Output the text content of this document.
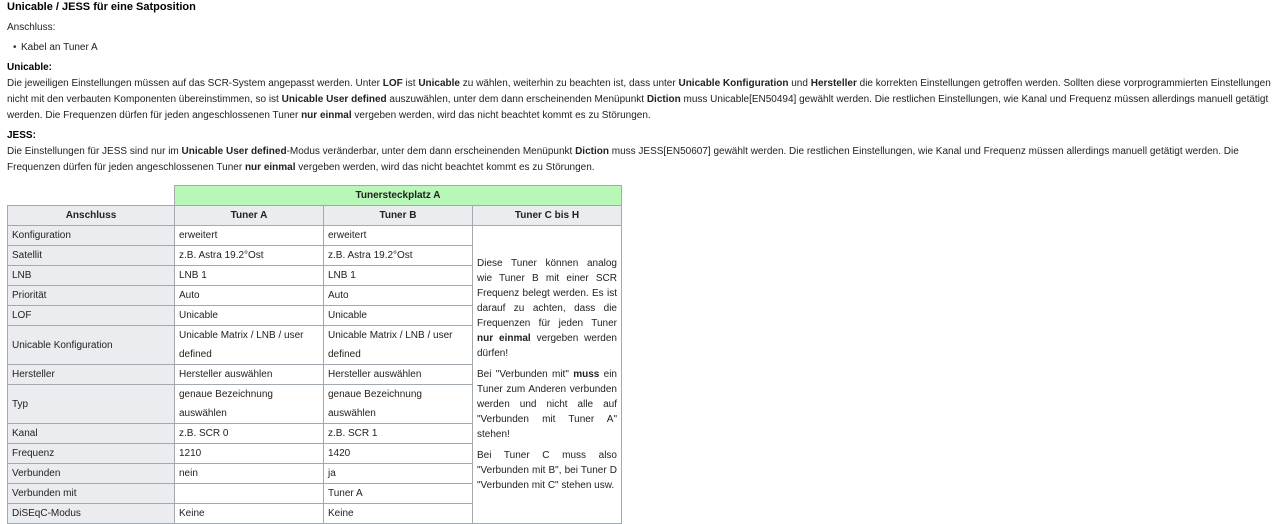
Unicable / JESS für eine Satposition
Anschluss:
• Kabel an Tuner A
Unicable:

Die jeweiligen Einstellungen müssen auf das SCR-System angepasst werden. Unter LOF ist Unicable zu wählen, weiterhin zu beachten ist, dass unter Unicable Konfiguration und Hersteller die korrekten Einstellungen getroffen werden. Sollten diese vorprogrammierten Einstellungen nicht mit den verbauten Komponenten übereinstimmen, so ist Unicable User defined auszuwählen, unter dem dann erscheinenden Menüpunkt Diction muss Unicable[EN50494] gewählt werden. Die restlichen Einstellungen, wie Kanal und Frequenz müssen allerdings manuell getätigt werden. Die Frequenzen dürfen für jeden angeschlossenen Tuner nur einmal vergeben werden, wird das nicht beachtet kommt es zu Störungen.

JESS:

Die Einstellungen für JESS sind nur im Unicable User defined-Modus veränderbar, unter dem dann erscheinenden Menüpunkt Diction muss JESS[EN50607] gewählt werden. Die restlichen Einstellungen, wie Kanal und Frequenz müssen allerdings manuell getätigt werden. Die Frequenzen dürfen für jeden angeschlossenen Tuner nur einmal vergeben werden, wird das nicht beachtet kommt es zu Störungen.

	Tunersteckplatz A		
Anschluss	Tuner A	Tuner B	Tuner C bis H
Konfiguration	erweitert	erweitert	Diese Tuner können analog wie Tuner B mit einer SCR Frequenz belegt werden. Es ist darauf zu achten, dass die Frequenzen für jeden Tuner nur einmal vergeben werden dürfen!

Bei "Verbunden mit" muss ein Tuner zum Anderen verbunden werden und nicht alle auf "Verbunden mit Tuner A" stehen!

Bei Tuner C muss also "Verbunden mit B", bei Tuner D "Verbunden mit C" stehen usw.

Satellit	z.B. Astra 19.2°Ost	z.B. Astra 19.2°Ost	
LNB	LNB 1	LNB 1	
Priorität	Auto	Auto	
LOF	Unicable	Unicable	
Unicable Konfiguration	Unicable Matrix / LNB / user defined	Unicable Matrix / LNB / user defined	
Hersteller	Hersteller auswählen	Hersteller auswählen	
Typ	genaue Bezeichnung auswählen	genaue Bezeichnung auswählen	
Kanal	z.B. SCR 0	z.B. SCR 1	
Frequenz	1210	1420	
Verbunden	nein	ja	
Verbunden mit		Tuner A	
DiSEqC-Modus	Keine	Keine	
